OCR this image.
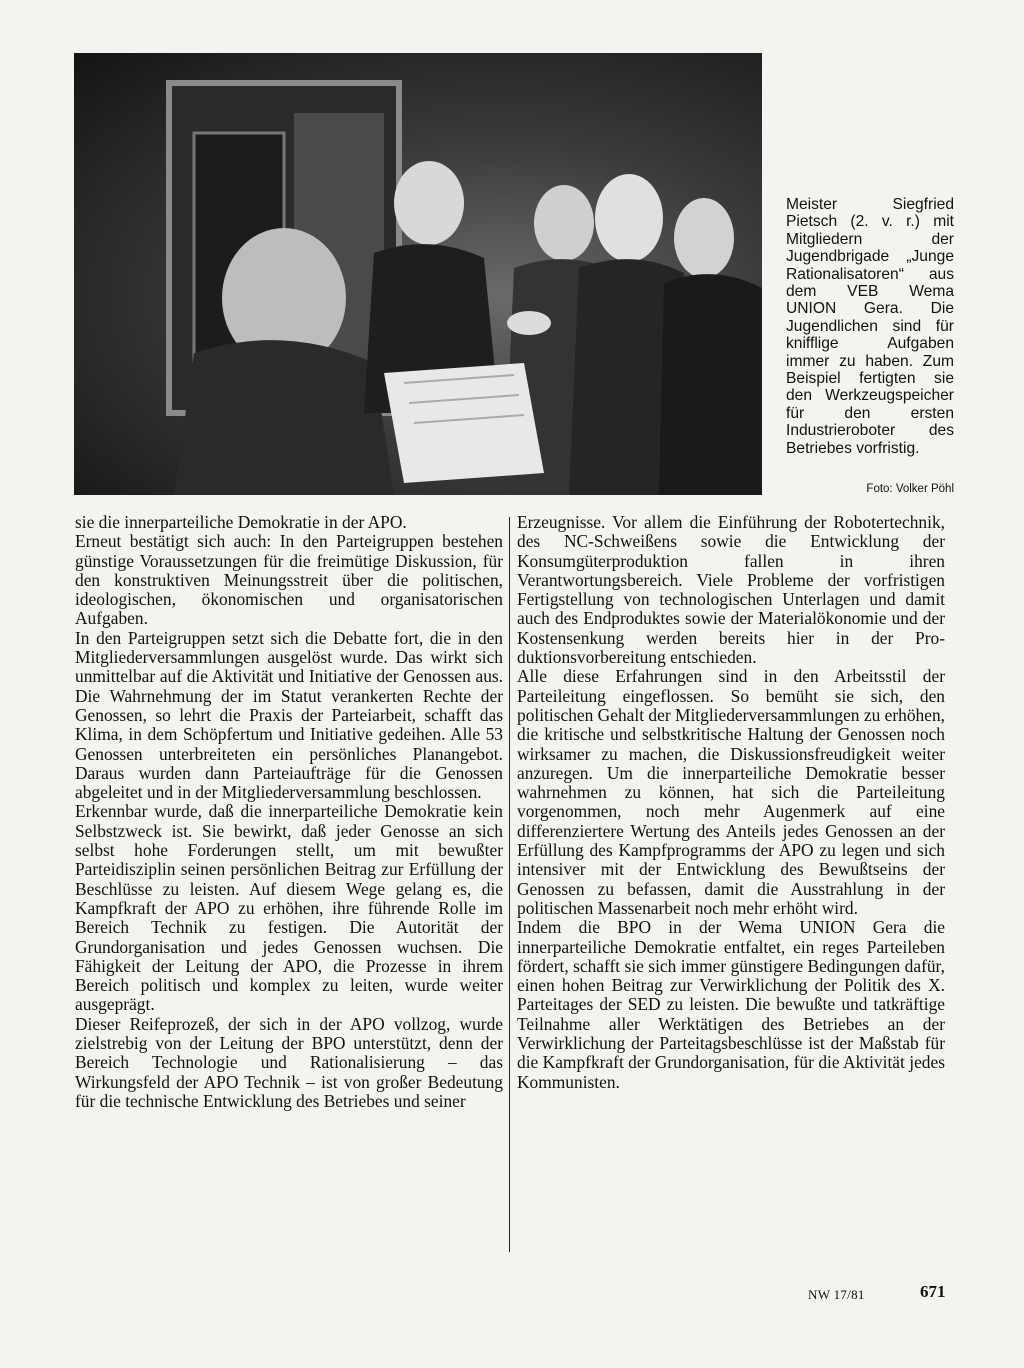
Meister Siegfried Pietsch (2. v. r.) mit Mitgliedern der Jugendbrigade „Junge Rationalisatoren“ aus dem VEB Wema UNION Gera. Die Jugendlichen sind für knifflige Aufgaben immer zu haben. Zum Beispiel fertigten sie den Werkzeugspeicher für den ersten Industrieroboter des Betriebes vorfristig.
Foto: Volker Pöhl

sie die innerparteiliche Demokratie in der APO.

Erneut bestätigt sich auch: In den Parteigruppen bestehen günstige Voraussetzungen für die freimütige Diskussion, für den konstruktiven Meinungsstreit über die politischen, ideologischen, ökonomischen und organisatorischen Aufgaben.

In den Parteigruppen setzt sich die Debatte fort, die in den Mitgliederversammlungen ausgelöst wurde. Das wirkt sich unmittelbar auf die Aktivität und Initiative der Genossen aus. Die Wahrnehmung der im Statut verankerten Rechte der Genossen, so lehrt die Praxis der Parteiarbeit, schafft das Klima, in dem Schöpfertum und Initiative gedeihen. Alle 53 Genossen unterbreiteten ein persönliches Planangebot. Daraus wurden dann Parteiaufträge für die Genossen abgeleitet und in der Mitgliederversammlung beschlossen.

Erkennbar wurde, daß die innerparteiliche Demokratie kein Selbstzweck ist. Sie bewirkt, daß jeder Genosse an sich selbst hohe Forderungen stellt, um mit bewußter Parteidisziplin seinen persönlichen Beitrag zur Erfüllung der Beschlüsse zu leisten. Auf diesem Wege gelang es, die Kampfkraft der APO zu erhöhen, ihre führende Rolle im Bereich Technik zu festigen. Die Autorität der Grundorganisation und jedes Genossen wuchsen. Die Fähigkeit der Leitung der APO, die Prozesse in ihrem Bereich politisch und komplex zu leiten, wurde weiter ausgeprägt.

Dieser Reifeprozeß, der sich in der APO vollzog, wurde zielstrebig von der Leitung der BPO unterstützt, denn der Bereich Technologie und Rationalisierung – das Wirkungsfeld der APO Technik – ist von großer Bedeutung für die technische Entwicklung des Betriebes und seiner

Erzeugnisse. Vor allem die Einführung der Robotertechnik, des NC-Schweißens sowie die Entwicklung der Konsumgüterproduktion fallen in ihren Verantwortungsbereich. Viele Probleme der vorfristigen Fertigstellung von technologischen Unterlagen und damit auch des Endproduktes sowie der Materialökonomie und der Kostensenkung werden bereits hier in der Produktionsvorbereitung entschieden.

Alle diese Erfahrungen sind in den Arbeitsstil der Parteileitung eingeflossen. So bemüht sie sich, den politischen Gehalt der Mitgliederversammlungen zu erhöhen, die kritische und selbstkritische Haltung der Genossen noch wirksamer zu machen, die Diskussionsfreudigkeit weiter anzuregen. Um die innerparteiliche Demokratie besser wahrnehmen zu können, hat sich die Parteileitung vorgenommen, noch mehr Augenmerk auf eine differenziertere Wertung des Anteils jedes Genossen an der Erfüllung des Kampfprogramms der APO zu legen und sich intensiver mit der Entwicklung des Bewußtseins der Genossen zu befassen, damit die Ausstrahlung in der politischen Massenarbeit noch mehr erhöht wird.

Indem die BPO in der Wema UNION Gera die innerparteiliche Demokratie entfaltet, ein reges Parteileben fördert, schafft sie sich immer günstigere Bedingungen dafür, einen hohen Beitrag zur Verwirklichung der Politik des X. Parteitages der SED zu leisten. Die bewußte und tatkräftige Teilnahme aller Werktätigen des Betriebes an der Verwirklichung der Parteitagsbeschlüsse ist der Maßstab für die Kampfkraft der Grundorganisation, für die Aktivität jedes Kommunisten.

NW 17/81	671
